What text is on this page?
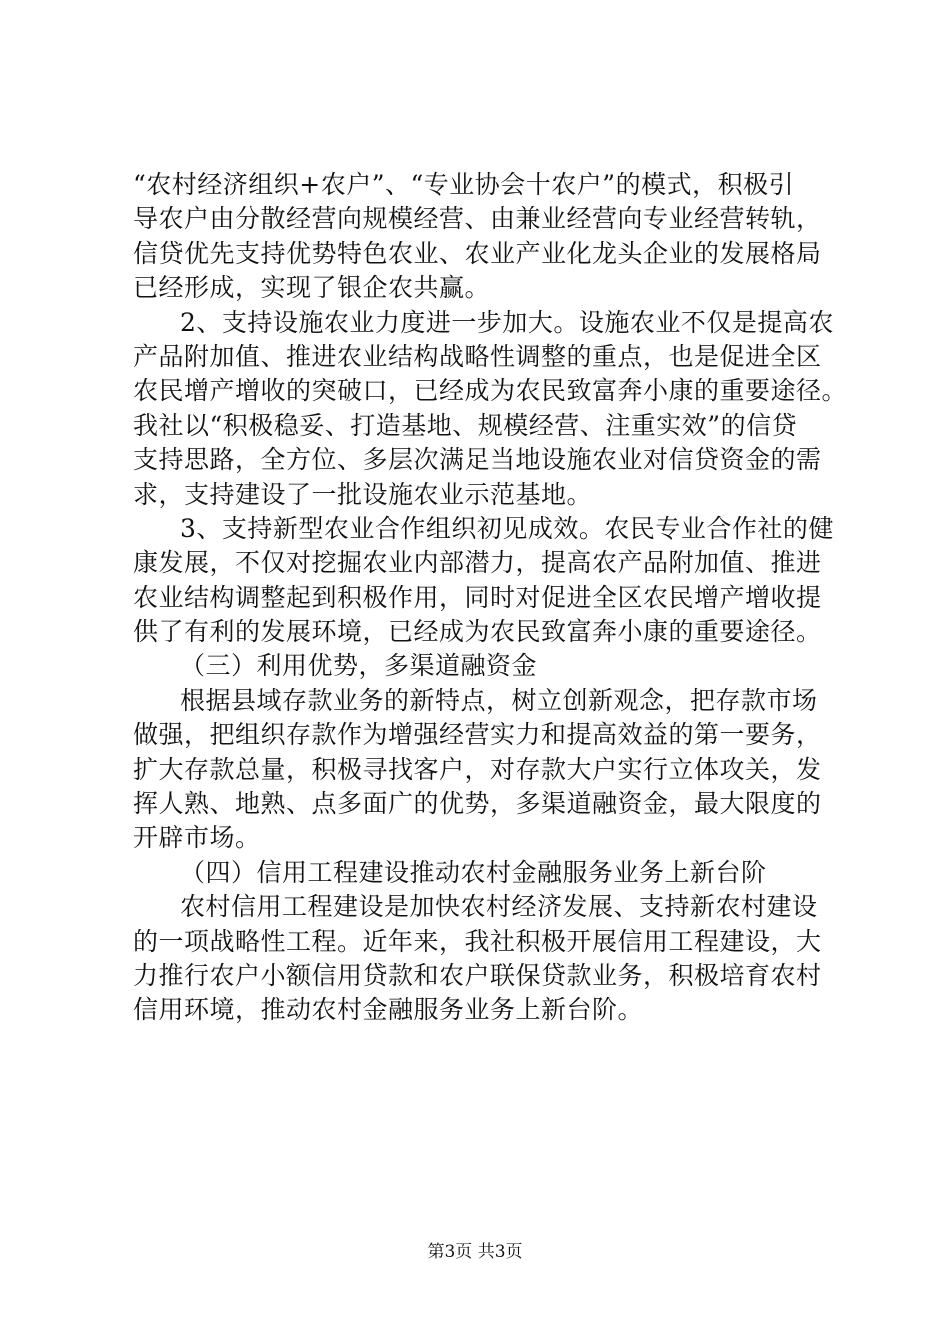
“农村经济组织+农户”、“专业协会十农户”的模式，积极引
导农户由分散经营向规模经营、由兼业经营向专业经营转轨，
信贷优先支持优势特色农业、农业产业化龙头企业的发展格局
已经形成，实现了银企农共赢。
2、支持设施农业力度进一步加大。设施农业不仅是提高农
产品附加值、推进农业结构战略性调整的重点，也是促进全区
农民增产增收的突破口，已经成为农民致富奔小康的重要途径。
我社以“积极稳妥、打造基地、规模经营、注重实效”的信贷
支持思路，全方位、多层次满足当地设施农业对信贷资金的需
求，支持建设了一批设施农业示范基地。
3、支持新型农业合作组织初见成效。农民专业合作社的健
康发展，不仅对挖掘农业内部潜力，提高农产品附加值、推进
农业结构调整起到积极作用，同时对促进全区农民增产增收提
供了有利的发展环境，已经成为农民致富奔小康的重要途径。
（三）利用优势，多渠道融资金
根据县域存款业务的新特点，树立创新观念，把存款市场
做强，把组织存款作为增强经营实力和提高效益的第一要务，
扩大存款总量，积极寻找客户，对存款大户实行立体攻关，发
挥人熟、地熟、点多面广的优势，多渠道融资金，最大限度的
开辟市场。
（四）信用工程建设推动农村金融服务业务上新台阶
农村信用工程建设是加快农村经济发展、支持新农村建设
的一项战略性工程。近年来，我社积极开展信用工程建设，大
力推行农户小额信用贷款和农户联保贷款业务，积极培育农村
信用环境，推动农村金融服务业务上新台阶。
第3页 共3页
